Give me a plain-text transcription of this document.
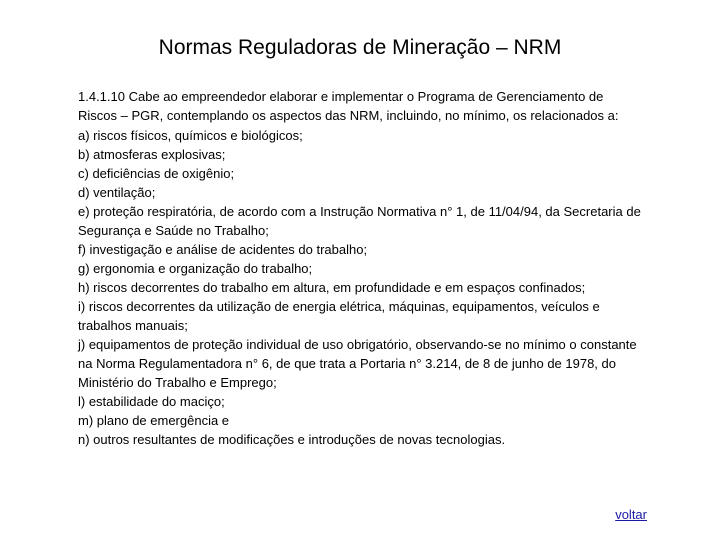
Normas Reguladoras de Mineração – NRM

1.4.1.10 Cabe ao empreendedor elaborar e implementar o Programa de Gerenciamento de Riscos – PGR, contemplando os aspectos das NRM, incluindo, no mínimo, os relacionados a:

a) riscos físicos, químicos e biológicos;
b) atmosferas explosivas;
c) deficiências de oxigênio;
d) ventilação;
e) proteção respiratória, de acordo com a Instrução Normativa n° 1, de 11/04/94, da Secretaria de Segurança e Saúde no Trabalho;
f) investigação e análise de acidentes do trabalho;
g) ergonomia e organização do trabalho;
h) riscos decorrentes do trabalho em altura, em profundidade e em espaços confinados;
i) riscos decorrentes da utilização de energia elétrica, máquinas, equipamentos, veículos e trabalhos manuais;
j) equipamentos de proteção individual de uso obrigatório, observando-se no mínimo o constante na Norma Regulamentadora n° 6, de que trata a Portaria n° 3.214, de 8 de junho de 1978, do Ministério do Trabalho e Emprego;
l) estabilidade do maciço;
m) plano de emergência e
n) outros resultantes de modificações e introduções de novas tecnologias.
voltar
